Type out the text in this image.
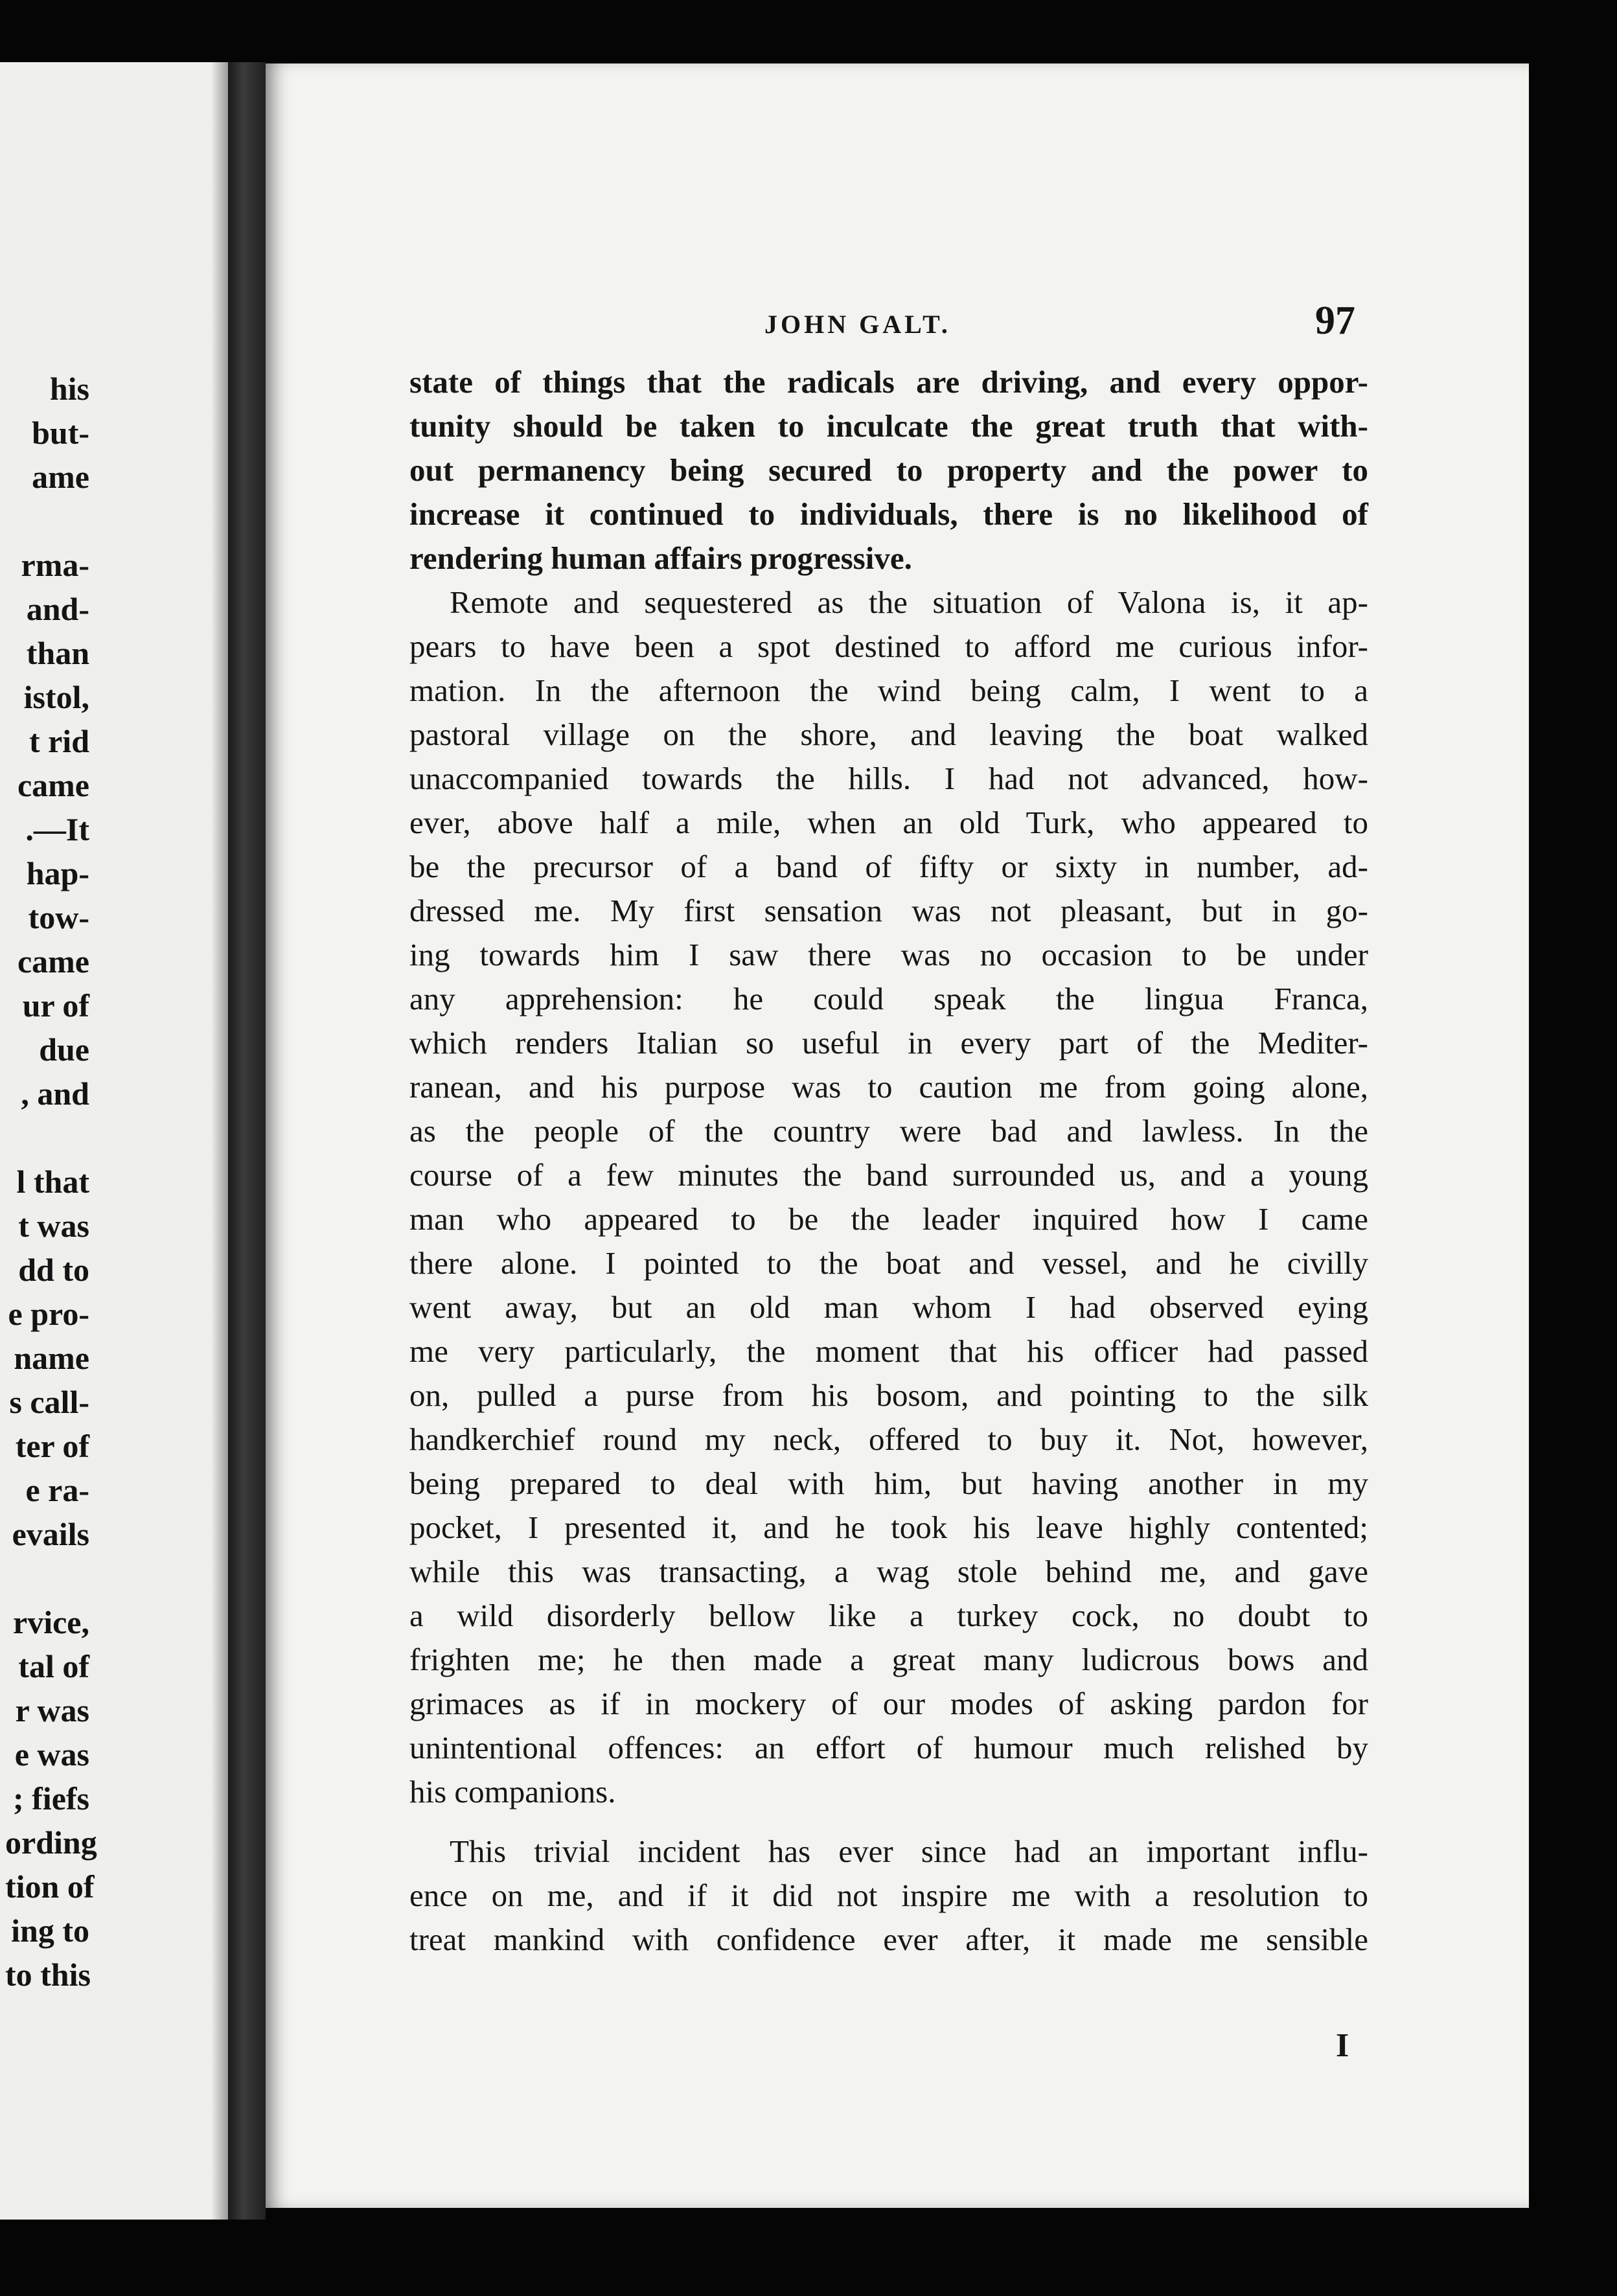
his
but-
ame
rma-
and-
than
istol,
t rid
came
.—It
hap-
tow-
came
ur of
due
, and
l that
t was
dd to
e pro-
name
s call-
ter of
e ra-
evails
rvice,
tal of
r was
e was
; fiefs
ording
tion of
ing to
to this
JOHN GALT.	97
state of things that the radicals are driving, and every oppor-
tunity should be taken to inculcate the great truth that with-
out permanency being secured to property and the power to
increase it continued to individuals, there is no likelihood of
rendering human affairs progressive.
Remote and sequestered as the situation of Valona is, it ap-
pears to have been a spot destined to afford me curious infor-
mation. In the afternoon the wind being calm, I went to a
pastoral village on the shore, and leaving the boat walked
unaccompanied towards the hills. I had not advanced, how-
ever, above half a mile, when an old Turk, who appeared to
be the precursor of a band of fifty or sixty in number, ad-
dressed me. My first sensation was not pleasant, but in go-
ing towards him I saw there was no occasion to be under
any apprehension: he could speak the lingua Franca,
which renders Italian so useful in every part of the Mediter-
ranean, and his purpose was to caution me from going alone,
as the people of the country were bad and lawless. In the
course of a few minutes the band surrounded us, and a young
man who appeared to be the leader inquired how I came
there alone. I pointed to the boat and vessel, and he civilly
went away, but an old man whom I had observed eying
me very particularly, the moment that his officer had passed
on, pulled a purse from his bosom, and pointing to the silk
handkerchief round my neck, offered to buy it. Not, however,
being prepared to deal with him, but having another in my
pocket, I presented it, and he took his leave highly contented;
while this was transacting, a wag stole behind me, and gave
a wild disorderly bellow like a turkey cock, no doubt to
frighten me; he then made a great many ludicrous bows and
grimaces as if in mockery of our modes of asking pardon for
unintentional offences: an effort of humour much relished by
his companions.
This trivial incident has ever since had an important influ-
ence on me, and if it did not inspire me with a resolution to
treat mankind with confidence ever after, it made me sensible
I
